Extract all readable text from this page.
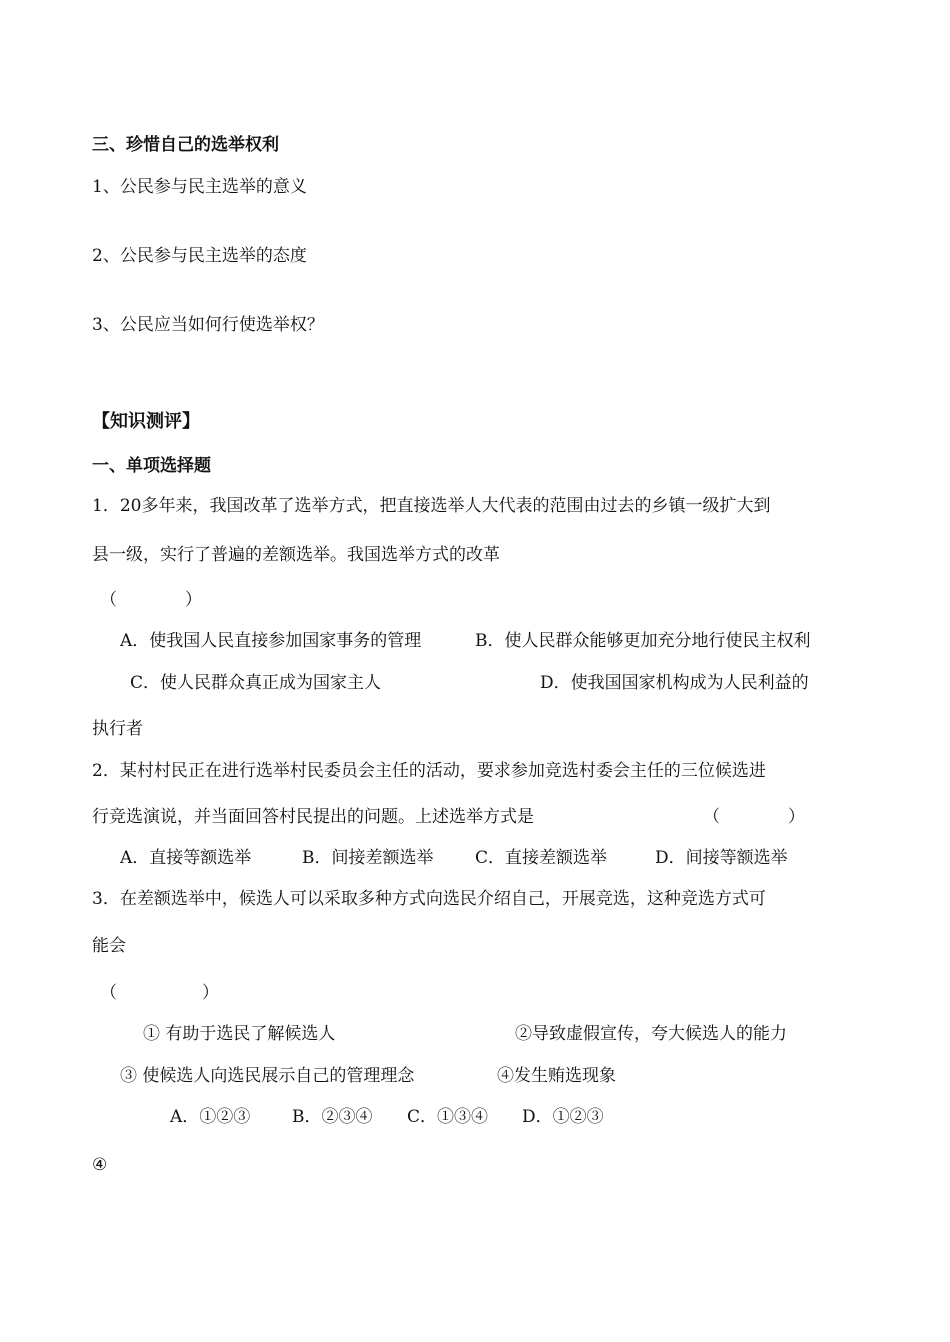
三、珍惜自己的选举权利
1、公民参与民主选举的意义
2、公民参与民主选举的态度
3、公民应当如何行使选举权？
【知识测评】
一、单项选择题
1．20多年来，我国改革了选举方式，把直接选举人大代表的范围由过去的乡镇一级扩大到
县一级，实行了普遍的差额选举。我国选举方式的改革
（　　　　）
A．使我国人民直接参加国家事务的管理	B．使人民群众能够更加充分地行使民主权利
C．使人民群众真正成为国家主人	D．使我国国家机构成为人民利益的
执行者
2．某村村民正在进行选举村民委员会主任的活动，要求参加竞选村委会主任的三位候选进
行竞选演说，并当面回答村民提出的问题。上述选举方式是	（　　　　）
A．直接等额选举	B．间接差额选举 C．直接差额选举	D．间接等额选举
3．在差额选举中，候选人可以采取多种方式向选民介绍自己，开展竞选，这种竞选方式可
能会
（　　　　　）
① 有助于选民了解候选人	②导致虚假宣传，夸大候选人的能力
③ 使候选人向选民展示自己的管理理念	④发生贿选现象
A．①②③ B．②③④ C．①③④ D．①②③
④
